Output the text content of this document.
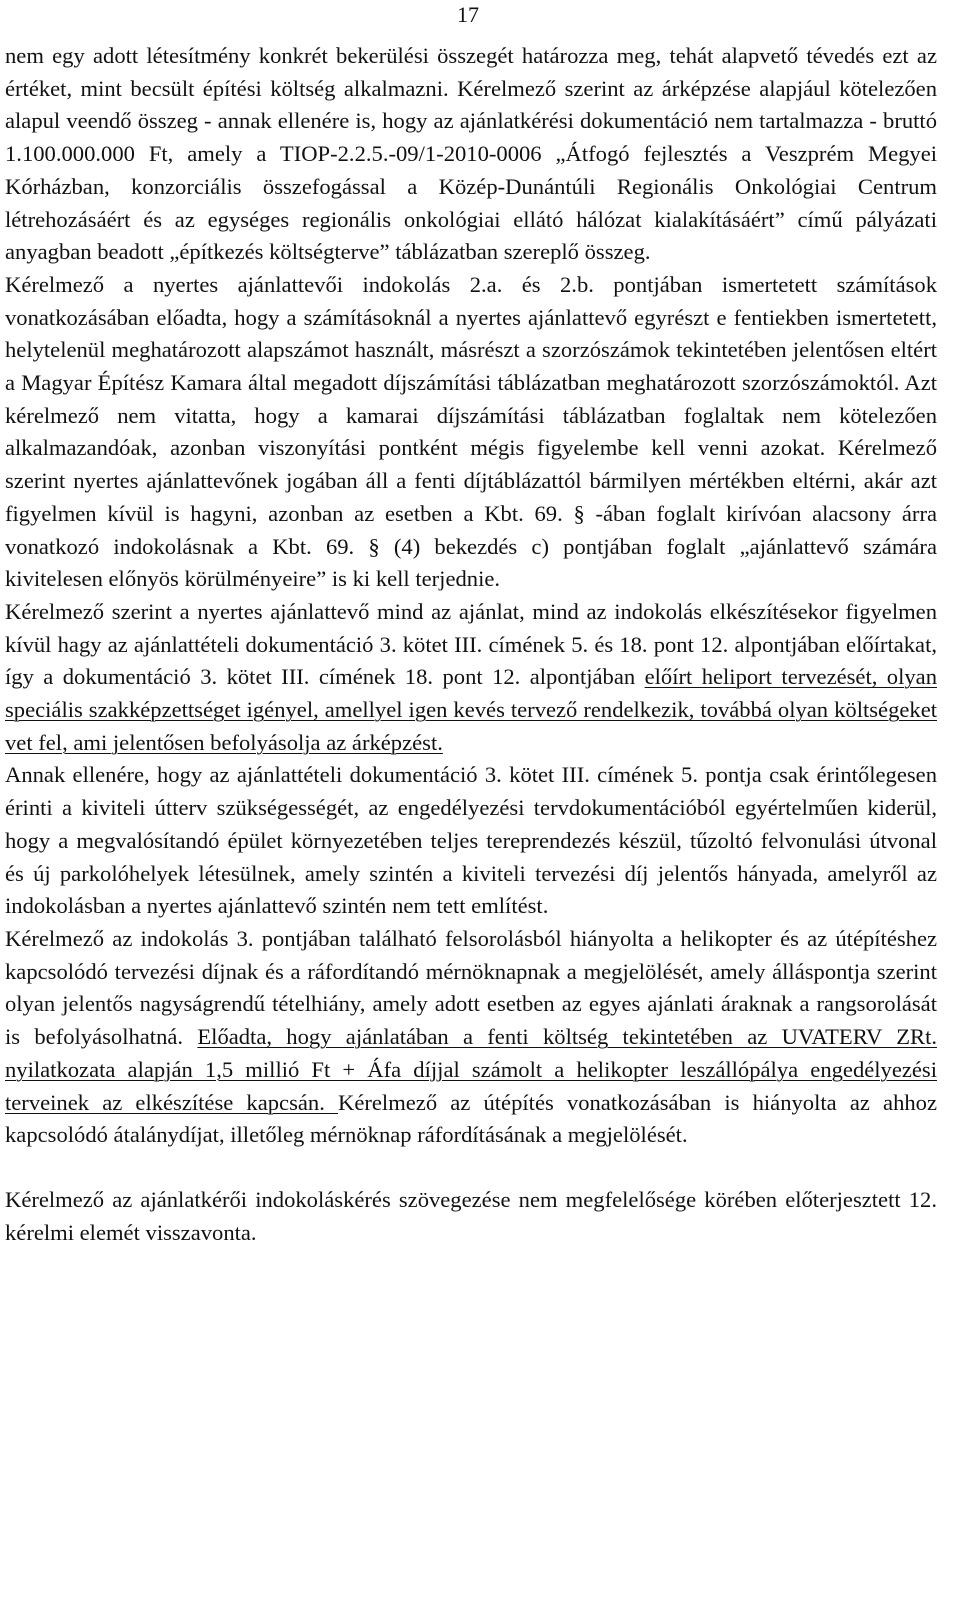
17

nem egy adott létesítmény konkrét bekerülési összegét határozza meg, tehát alapvető tévedés ezt az értéket, mint becsült építési költség alkalmazni. Kérelmező szerint az árképzése alapjául kötelezően alapul veendő összeg - annak ellenére is, hogy az ajánlatkérési dokumentáció nem tartalmazza - bruttó 1.100.000.000 Ft, amely a TIOP-2.2.5.-09/1-2010-0006 „Átfogó fejlesztés a Veszprém Megyei Kórházban, konzorciális összefogással a Közép-Dunántúli Regionális Onkológiai Centrum létrehozásáért és az egységes regionális onkológiai ellátó hálózat kialakításáért” című pályázati anyagban beadott „építkezés költségterve” táblázatban szereplő összeg.

Kérelmező a nyertes ajánlattevői indokolás 2.a. és 2.b. pontjában ismertetett számítások vonatkozásában előadta, hogy a számításoknál a nyertes ajánlattevő egyrészt e fentiekben ismertetett, helytelenül meghatározott alapszámot használt, másrészt a szorzószámok tekintetében jelentősen eltért a Magyar Építész Kamara által megadott díjszámítási táblázatban meghatározott szorzószámoktól. Azt kérelmező nem vitatta, hogy a kamarai díjszámítási táblázatban foglaltak nem kötelezően alkalmazandóak, azonban viszonyítási pontként mégis figyelembe kell venni azokat. Kérelmező szerint nyertes ajánlattevőnek jogában áll a fenti díjtáblázattól bármilyen mértékben eltérni, akár azt figyelmen kívül is hagyni, azonban az esetben a Kbt. 69. § -ában foglalt kirívóan alacsony árra vonatkozó indokolásnak a Kbt. 69. § (4) bekezdés c) pontjában foglalt „ajánlattevő számára kivitelesen előnyös körülményeire” is ki kell terjednie.

Kérelmező szerint a nyertes ajánlattevő mind az ajánlat, mind az indokolás elkészítésekor figyelmen kívül hagy az ajánlattételi dokumentáció 3. kötet III. címének 5. és 18. pont 12. alpontjában előírtakat, így a dokumentáció 3. kötet III. címének 18. pont 12. alpontjában előírt heliport tervezését, olyan speciális szakképzettséget igényel, amellyel igen kevés tervező rendelkezik, továbbá olyan költségeket vet fel, ami jelentősen befolyásolja az árképzést.

Annak ellenére, hogy az ajánlattételi dokumentáció 3. kötet III. címének 5. pontja csak érintőlegesen érinti a kiviteli útterv szükségességét, az engedélyezési tervdokumentációból egyértelműen kiderül, hogy a megvalósítandó épület környezetében teljes tereprendezés készül, tűzoltó felvonulási útvonal és új parkolóhelyek létesülnek, amely szintén a kiviteli tervezési díj jelentős hányada, amelyről az indokolásban a nyertes ajánlattevő szintén nem tett említést.

Kérelmező az indokolás 3. pontjában található felsorolásból hiányolta a helikopter és az útépítéshez kapcsolódó tervezési díjnak és a ráfordítandó mérnöknapnak a megjelölését, amely álláspontja szerint olyan jelentős nagyságrendű tételhiány, amely adott esetben az egyes ajánlati áraknak a rangsorolását is befolyásolhatná. Előadta, hogy ajánlatában a fenti költség tekintetében az UVATERV ZRt. nyilatkozata alapján 1,5 millió Ft + Áfa díjjal számolt a helikopter leszállópálya engedélyezési terveinek az elkészítése kapcsán. Kérelmező az útépítés vonatkozásában is hiányolta az ahhoz kapcsolódó átalánydíjat, illetőleg mérnöknap ráfordításának a megjelölését.

Kérelmező az ajánlatkérői indokoláskérés szövegezése nem megfelelősége körében előterjesztett 12. kérelmi elemét visszavonta.
